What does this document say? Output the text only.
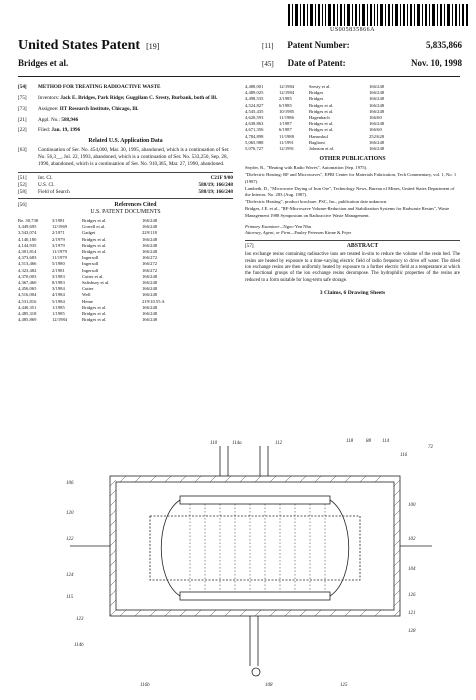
US005835866A
United States Patent [19]
Bridges et al.
[11] Patent Number:	5,835,866
[45] Date of Patent:	Nov. 10, 1998
[54] METHOD FOR TREATING RADIOACTIVE WASTE
[75] Inventors: Jack E. Bridges, Park Ridge; Guggilam C. Sresty, Burbank, both of Ill.
[73] Assignee: IIT Research Institute, Chicago, Ill.
[21] Appl. No.: 588,946
[22] Filed: Jan. 19, 1996
Related U.S. Application Data
[63]	Continuation of Ser. No. 454,000, Mar. 30, 1995, abandoned, which is a continuation of Ser. No. 56,3__, Jul. 22, 1993, abandoned, which is a continuation of Ser. No. 533,250, Sep. 28, 1990, abandoned, which is a continuation of Ser. No. 910,385, Mar. 27, 1990, abandoned.
[51] Int. Cl.	C21F 9/00
[52] U.S. Cl.	588/19; 166/248
[58] Field of Search	588/19; 166/248
[56]	References Cited
U.S. PATENT DOCUMENTS
Re. 30,738	3/1981	Bridges et al.	166/248
3,449,695	12/1969	Gorrell et al.	166/248
3,543,074	2/1971	Gadget	229/118
4,140,180	2/1979	Bridges et al.	166/248
4,144,935	3/1979	Bridges et al.	166/248
4,301,814	11/1979	Bridges et al.	166/248
4,373,683	11/1979	Ingersoll	166/272
4,513,466	5/1980	Ingersoll	166/272
4,323,482	2/1981	Ingersoll	166/272
4,370,003	3/1983	Cutter et al.	166/248
4,367,460	8/1983	Salisbury et al.	166/248
4,456,065	3/1984	Cutter	166/248
4,516,004	4/1984	Well	166/248
4,531,816	5/1984	Heine	219/10.55 A
4,440,351	1/1985	Bridges et al.	166/248
4,485,318	1/1985	Bridges et al.	166/248
4,485,869	12/1984	Bridges et al.	166/248
4,488,001	12/1984	Sresty et al.	166/248
4,489,025	12/1984	Bridges	166/248
4,498,535	2/1985	Bridges	166/248
4,524,827	6/1985	Bridges et al.	166/248
4,545,435	10/1985	Bridges et al.	166/248
4,620,593	11/1986	Hagenbach	166/60
4,638,863	1/1987	Bridges et al.	166/248
4,671,356	6/1987	Bridges et al.	166/60
4,784,898	11/1988	Hamoskul	252/628
5,065,988	11/1991	Baglioni	166/248
5,076,727	12/1991	Johnson et al.	166/248
OTHER PUBLICATIONS
Snyder, R., "Heating with Radio Waves", Automation (Sep. 1975).
"Dielectric Heating: RF and Microwaves", EPRI Center for Materials Fabrication, Tech Commentary, vol. 1, No. 1 (1987).
Lambeth, D., "Microwave Drying of Iron Ore", Technology News, Bureau of Mines, United States Department of the Interior, No. 283 (Aug. 1987).
"Dielectric Heating", product brochure, PSC, Inc., publication date unknown.
Bridges, J.E. et al., "RF-Microwave Volume-Reduction and Stabilization Systems for Radwaste Resins", Waste Management 1988 Symposium on Radioactive Waste Management.
Primary Examiner—Ngoc-Yen Nhu
Attorney, Agent, or Firm—Pauley Petersen Kinne & Fejer
[57]	ABSTRACT
Ion exchange resins containing radioactive ions are treated in-situ to reduce the volume of the resin bed. The resins are heated by exposure to a time-varying electric field of radio frequency to drive off water. The dried ion exchange resins are then uniformly heated by exposure to a further electric field at a temperature at which the functional groups of the ion exchange resins decompose. The hydrophilic properties of the resins are reduced to a form suitable for long-term safe storage.
3 Claims, 6 Drawing Sheets
110	114a	112	118	88 114
116
72
106
120
122
100
102
104
124
115
123
126
121
128
116b
114b
108	125
